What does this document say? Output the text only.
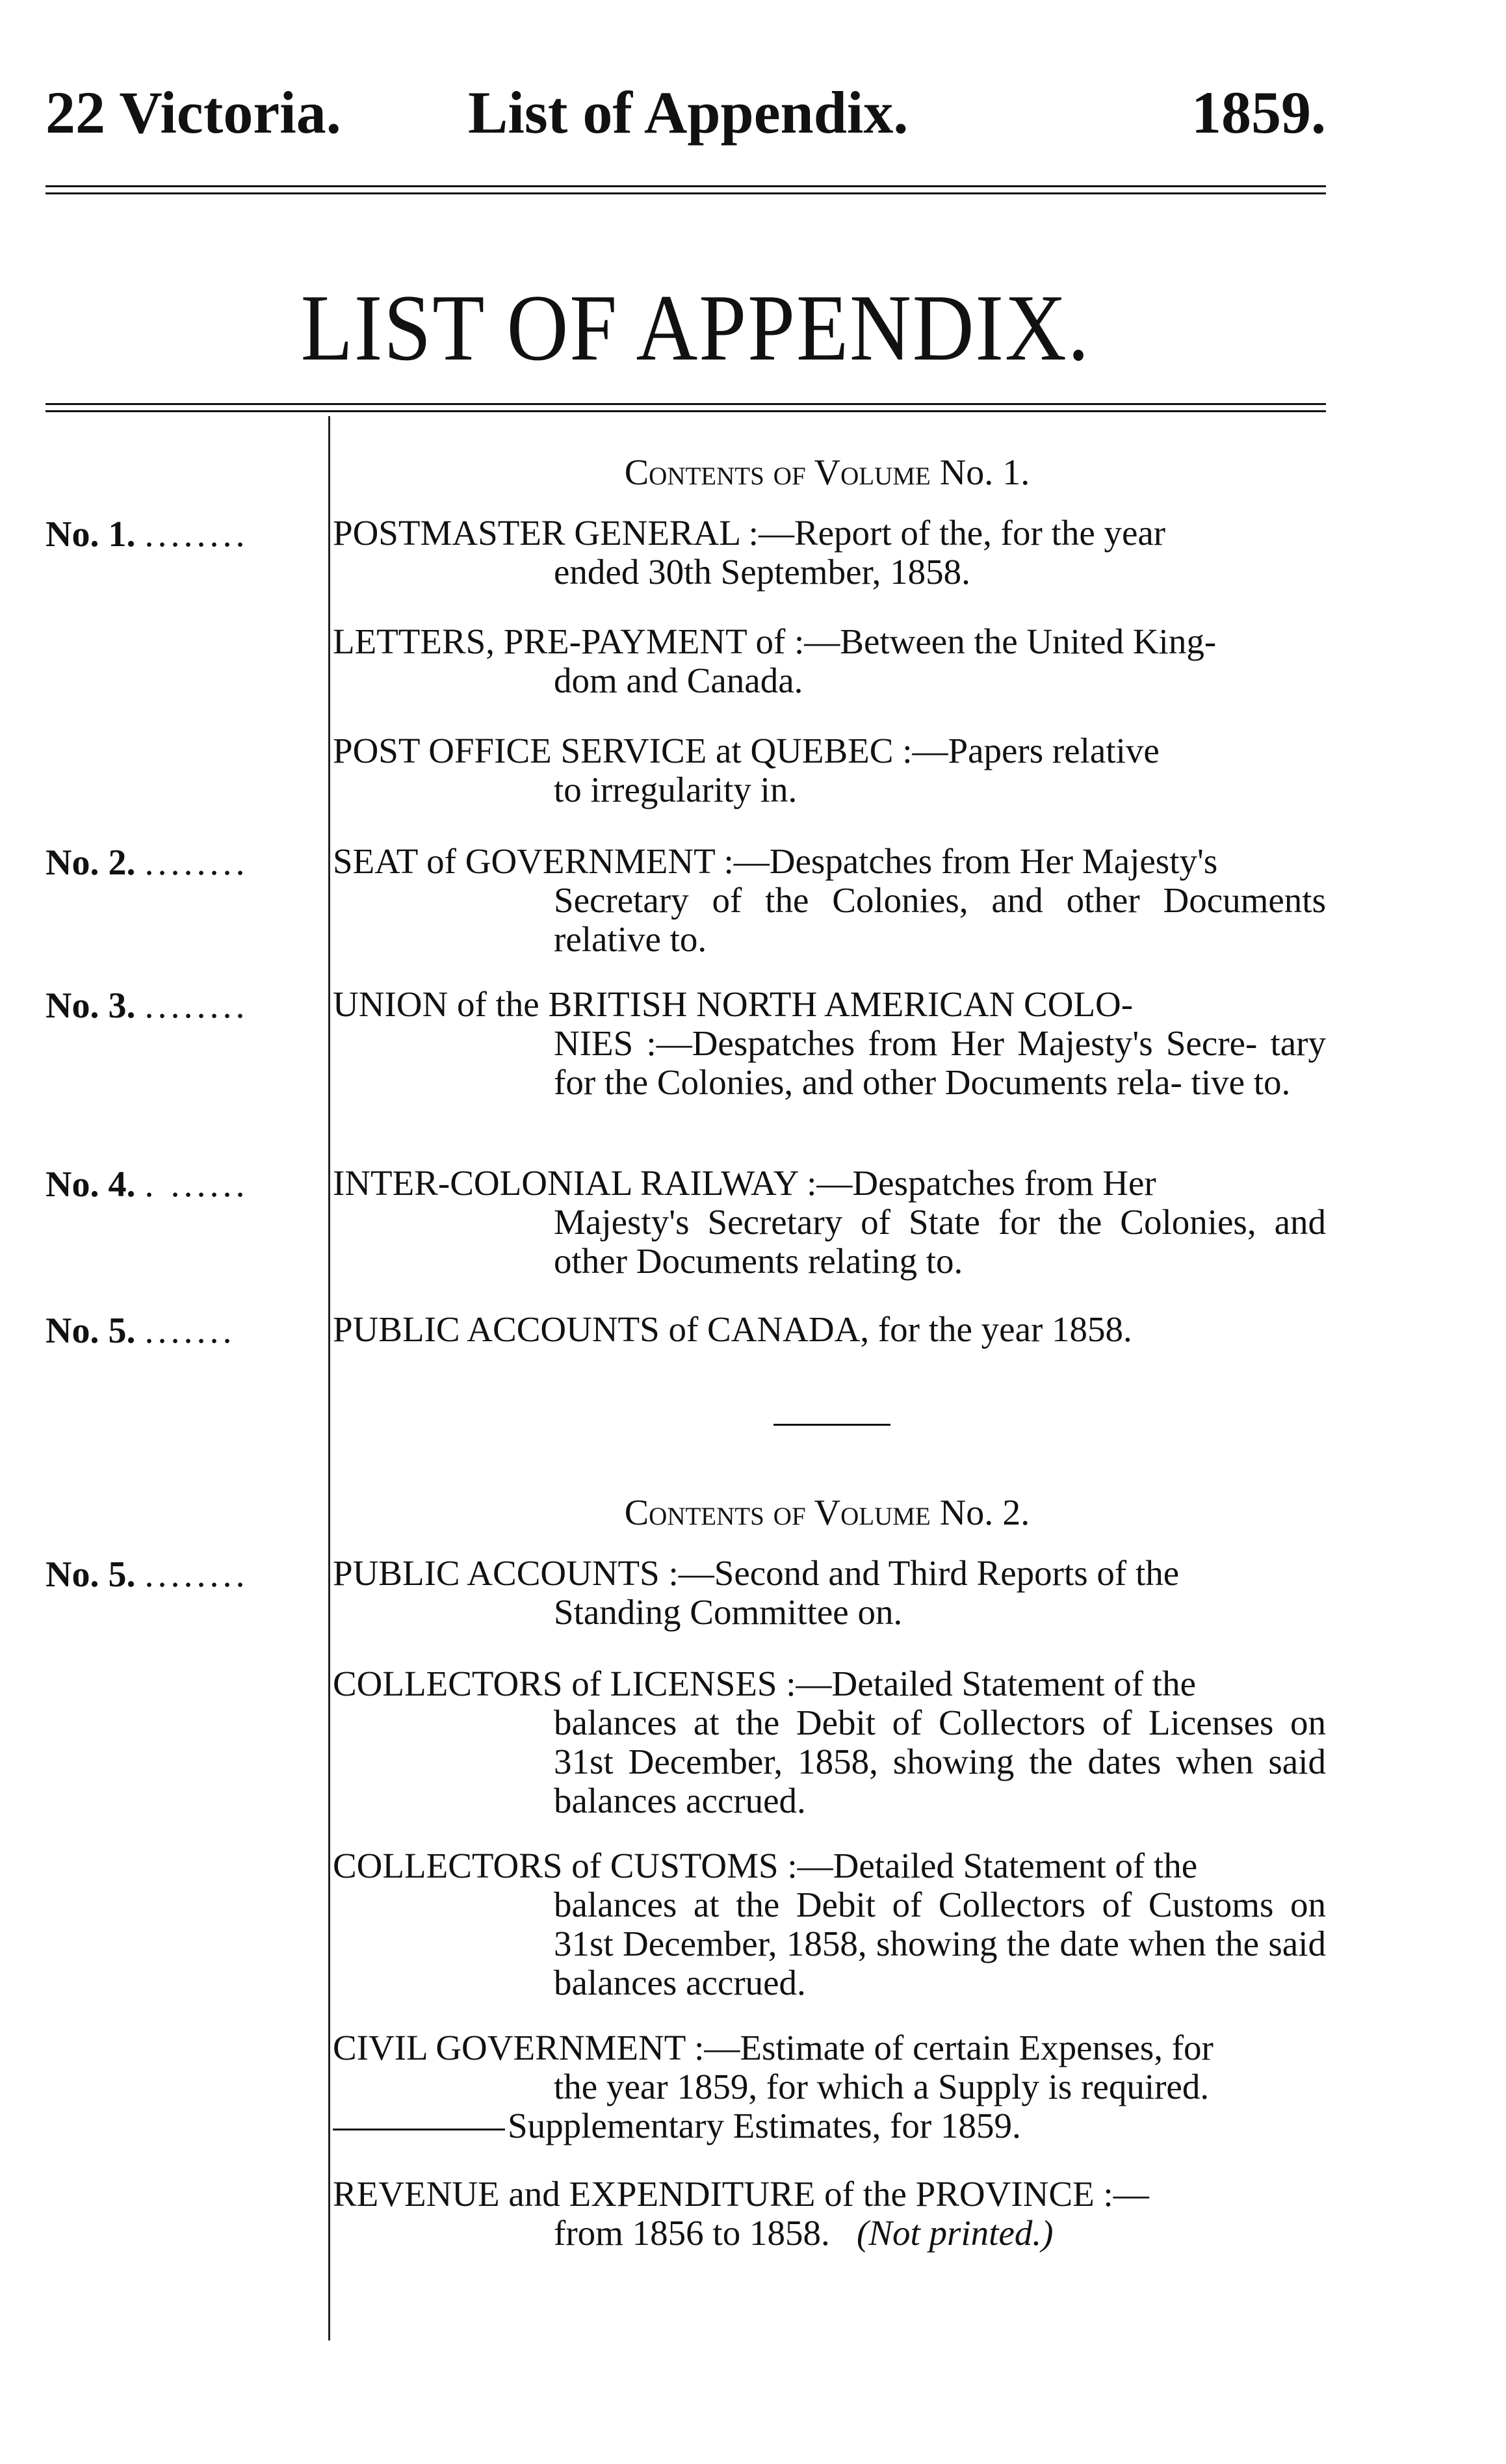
22 Victoria. List of Appendix.	1859.
LIST OF APPENDIX.
Contents of Volume No. 1.
No. 1. ........	POSTMASTER GENERAL :—Report of the, for the year
ended 30th September, 1858.
LETTERS, PRE-PAYMENT of :—Between the United King-
dom and Canada.
POST OFFICE SERVICE at QUEBEC :—Papers relative
to irregularity in.
No. 2. ........	SEAT of GOVERNMENT :—Despatches from Her Majesty's
Secretary of the Colonies, and other Documents relative to.
No. 3. ........	UNION of the BRITISH NORTH AMERICAN COLO-
NIES :—Despatches from Her Majesty's Secre- tary for the Colonies, and other Documents rela- tive to.
No. 4. . ......	INTER-COLONIAL RAILWAY :—Despatches from Her
Majesty's Secretary of State for the Colonies, and other Documents relating to.
No. 5. .......	PUBLIC ACCOUNTS of CANADA, for the year 1858.
Contents of Volume No. 2.
No. 5. ........	PUBLIC ACCOUNTS :—Second and Third Reports of the
Standing Committee on.
COLLECTORS of LICENSES :—Detailed Statement of the
balances at the Debit of Collectors of Licenses on 31st December, 1858, showing the dates when said balances accrued.
COLLECTORS of CUSTOMS :—Detailed Statement of the
balances at the Debit of Collectors of Customs on 31st December, 1858, showing the date when the said balances accrued.
CIVIL GOVERNMENT :—Estimate of certain Expenses, for
the year 1859, for which a Supply is required.
Supplementary Estimates, for 1859.
REVENUE and EXPENDITURE of the PROVINCE :—
from 1856 to 1858. (Not printed.)
